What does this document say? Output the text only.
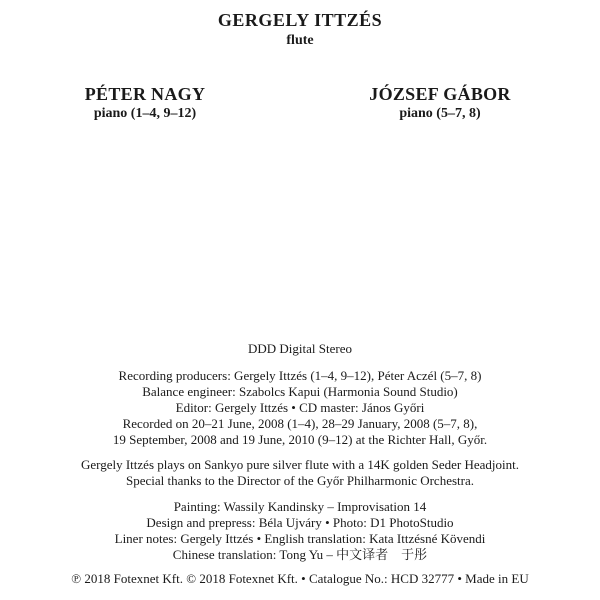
GERGELY ITTZÉS
flute
PÉTER NAGY
piano (1–4, 9–12)
JÓZSEF GÁBOR
piano (5–7, 8)
DDD Digital Stereo
Recording producers: Gergely Ittzés (1–4, 9–12), Péter Aczél (5–7, 8)
Balance engineer: Szabolcs Kapui (Harmonia Sound Studio)
Editor: Gergely Ittzés • CD master: János Győri
Recorded on 20–21 June, 2008 (1–4), 28–29 January, 2008 (5–7, 8),
19 September, 2008 and 19 June, 2010 (9–12) at the Richter Hall, Győr.
Gergely Ittzés plays on Sankyo pure silver flute with a 14K golden Seder Headjoint.
Special thanks to the Director of the Győr Philharmonic Orchestra.
Painting: Wassily Kandinsky – Improvisation 14
Design and prepress: Béla Ujváry • Photo: D1 PhotoStudio
Liner notes: Gergely Ittzés • English translation: Kata Ittzésné Kövendi
Chinese translation: Tong Yu – 中文译者　于彤
℗ 2018 Fotexnet Kft. © 2018 Fotexnet Kft. • Catalogue No.: HCD 32777 • Made in EU
